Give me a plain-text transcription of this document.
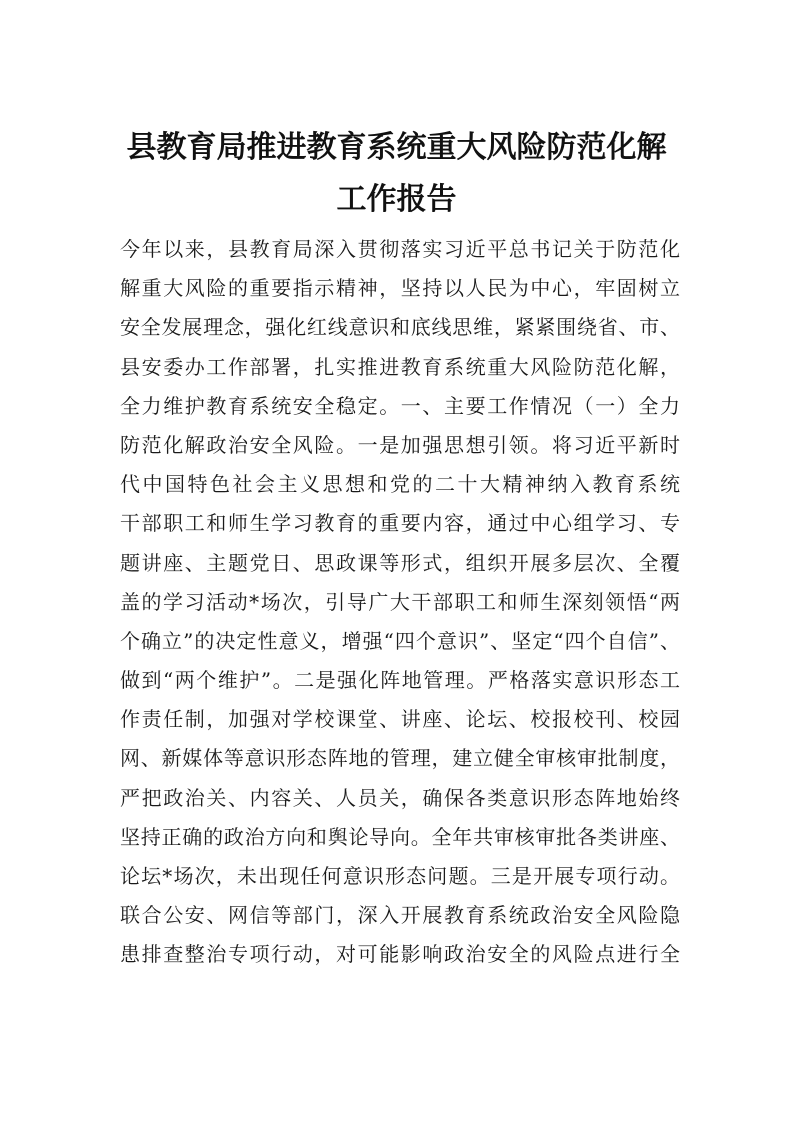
县教育局推进教育系统重大风险防范化解
工作报告
今年以来，县教育局深入贯彻落实习近平总书记关于防范化
解重大风险的重要指示精神，坚持以人民为中心，牢固树立
安全发展理念，强化红线意识和底线思维，紧紧围绕省、市、
县安委办工作部署，扎实推进教育系统重大风险防范化解，
全力维护教育系统安全稳定。一、主要工作情况（一）全力
防范化解政治安全风险。一是加强思想引领。将习近平新时
代中国特色社会主义思想和党的二十大精神纳入教育系统
干部职工和师生学习教育的重要内容，通过中心组学习、专
题讲座、主题党日、思政课等形式，组织开展多层次、全覆
盖的学习活动*场次，引导广大干部职工和师生深刻领悟“两
个确立”的决定性意义，增强“四个意识”、坚定“四个自信”、
做到“两个维护”。二是强化阵地管理。严格落实意识形态工
作责任制，加强对学校课堂、讲座、论坛、校报校刊、校园
网、新媒体等意识形态阵地的管理，建立健全审核审批制度，
严把政治关、内容关、人员关，确保各类意识形态阵地始终
坚持正确的政治方向和舆论导向。全年共审核审批各类讲座、
论坛*场次，未出现任何意识形态问题。三是开展专项行动。
联合公安、网信等部门，深入开展教育系统政治安全风险隐
患排查整治专项行动，对可能影响政治安全的风险点进行全
